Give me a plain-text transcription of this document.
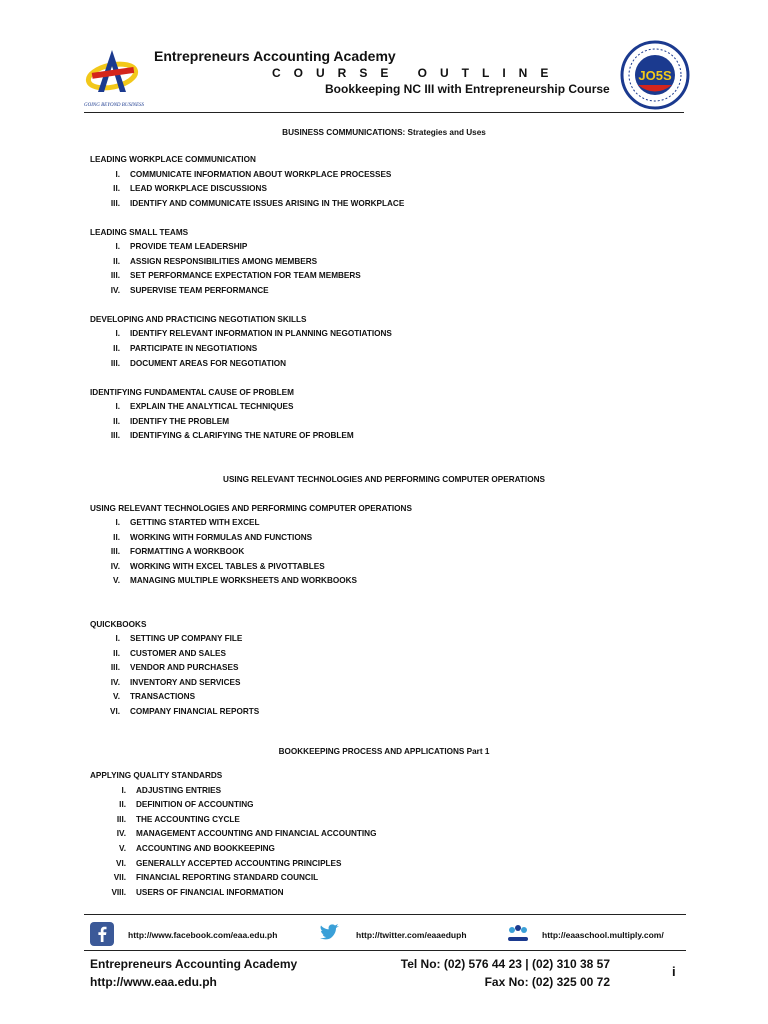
GOING BEYOND BUSINESS
Entrepreneurs Accounting Academy
COURSE OUTLINE
Bookkeeping NC III with Entrepreneurship Course
JO5S
BUSINESS COMMUNICATIONS: Strategies and Uses
LEADING WORKPLACE COMMUNICATION
I. COMMUNICATE INFORMATION ABOUT WORKPLACE PROCESSES
II. LEAD WORKPLACE DISCUSSIONS
III. IDENTIFY AND COMMUNICATE ISSUES ARISING IN THE WORKPLACE
LEADING SMALL TEAMS
I. PROVIDE TEAM LEADERSHIP
II. ASSIGN RESPONSIBILITIES AMONG MEMBERS
III. SET PERFORMANCE EXPECTATION FOR TEAM MEMBERS
IV. SUPERVISE TEAM PERFORMANCE
DEVELOPING AND PRACTICING NEGOTIATION SKILLS
I. IDENTIFY RELEVANT INFORMATION IN PLANNING NEGOTIATIONS
II. PARTICIPATE IN NEGOTIATIONS
III. DOCUMENT AREAS FOR NEGOTIATION
IDENTIFYING FUNDAMENTAL CAUSE OF PROBLEM
I. EXPLAIN THE ANALYTICAL TECHNIQUES
II. IDENTIFY THE PROBLEM
III. IDENTIFYING & CLARIFYING THE NATURE OF PROBLEM
USING RELEVANT TECHNOLOGIES AND PERFORMING COMPUTER OPERATIONS
USING RELEVANT TECHNOLOGIES AND PERFORMING COMPUTER OPERATIONS
I. GETTING STARTED WITH EXCEL
II. WORKING WITH FORMULAS AND FUNCTIONS
III. FORMATTING A WORKBOOK
IV. WORKING WITH EXCEL TABLES & PIVOTTABLES
V. MANAGING MULTIPLE WORKSHEETS AND WORKBOOKS
QUICKBOOKS
I. SETTING UP COMPANY FILE
II. CUSTOMER AND SALES
III. VENDOR AND PURCHASES
IV. INVENTORY AND SERVICES
V. TRANSACTIONS
VI. COMPANY FINANCIAL REPORTS
BOOKKEEPING PROCESS AND APPLICATIONS Part 1
APPLYING QUALITY STANDARDS
I. ADJUSTING ENTRIES
II. DEFINITION OF ACCOUNTING
III. THE ACCOUNTING CYCLE
IV. MANAGEMENT ACCOUNTING AND FINANCIAL ACCOUNTING
V. ACCOUNTING AND BOOKKEEPING
VI. GENERALLY ACCEPTED ACCOUNTING PRINCIPLES
VII. FINANCIAL REPORTING STANDARD COUNCIL
VIII. USERS OF FINANCIAL INFORMATION
http://www.facebook.com/eaa.edu.ph	http://twitter.com/eaaeduph	http://eaaschool.multiply.com/
Entrepreneurs Accounting Academy
http://www.eaa.edu.ph
Tel No: (02) 576 44 23 | (02) 310 38 57
Fax No: (02) 325 00 72
i
